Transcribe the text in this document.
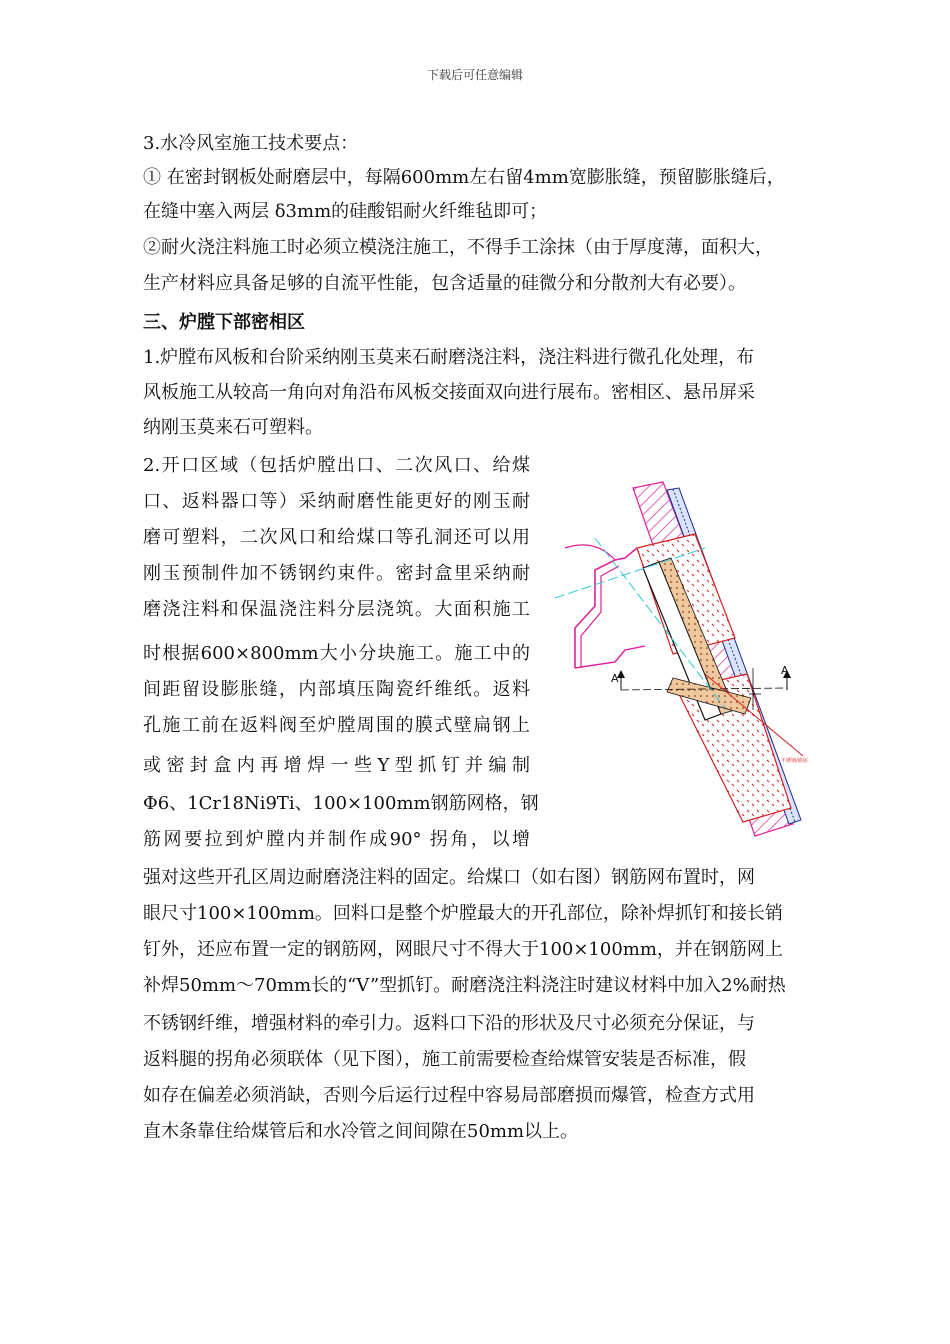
下载后可任意编辑
3.水冷风室施工技术要点：
① 在密封钢板处耐磨层中，每隔600mm左右留4mm宽膨胀缝，预留膨胀缝后，
在缝中塞入两层 δ3mm的硅酸铝耐火纤维毡即可；
②耐火浇注料施工时必须立模浇注施工，不得手工涂抹（由于厚度薄，面积大，
生产材料应具备足够的自流平性能，包含适量的硅微分和分散剂大有必要）。
三、炉膛下部密相区
1.炉膛布风板和台阶采纳刚玉莫来石耐磨浇注料，浇注料进行微孔化处理，布
风板施工从较高一角向对角沿布风板交接面双向进行展布。密相区、悬吊屏采
纳刚玉莫来石可塑料。
2.开口区域（包括炉膛出口、二次风口、给煤
口、返料器口等）采纳耐磨性能更好的刚玉耐
磨可塑料，二次风口和给煤口等孔洞还可以用
刚玉预制件加不锈钢约束件。密封盒里采纳耐
磨浇注料和保温浇注料分层浇筑。大面积施工
时根据600×800mm大小分块施工。施工中的
间距留设膨胀缝，内部填压陶瓷纤维纸。返料
孔施工前在返料阀至炉膛周围的膜式壁扁钢上
或密封盒内再增焊一些Y型抓钉并编制
Φ6、1Cr18Ni9Ti、100×100mm钢筋网格，钢
筋网要拉到炉膛内并制作成90° 拐角，以增
强对这些开孔区周边耐磨浇注料的固定。给煤口（如右图）钢筋网布置时，网
眼尺寸100×100mm。回料口是整个炉膛最大的开孔部位，除补焊抓钉和接长销
钉外，还应布置一定的钢筋网，网眼尺寸不得大于100×100mm，并在钢筋网上
补焊50mm～70mm长的“V”型抓钉。耐磨浇注料浇注时建议材料中加入2%耐热
不锈钢纤维，增强材料的牵引力。返料口下沿的形状及尺寸必须充分保证，与
返料腿的拐角必须联体（见下图），施工前需要检查给煤管安装是否标准，假
如存在偏差必须消缺，否则今后运行过程中容易局部磨损而爆管，检查方式用
直木条靠住给煤管后和水冷管之间间隙在50mm以上。
A
A
不锈钢/锚固
